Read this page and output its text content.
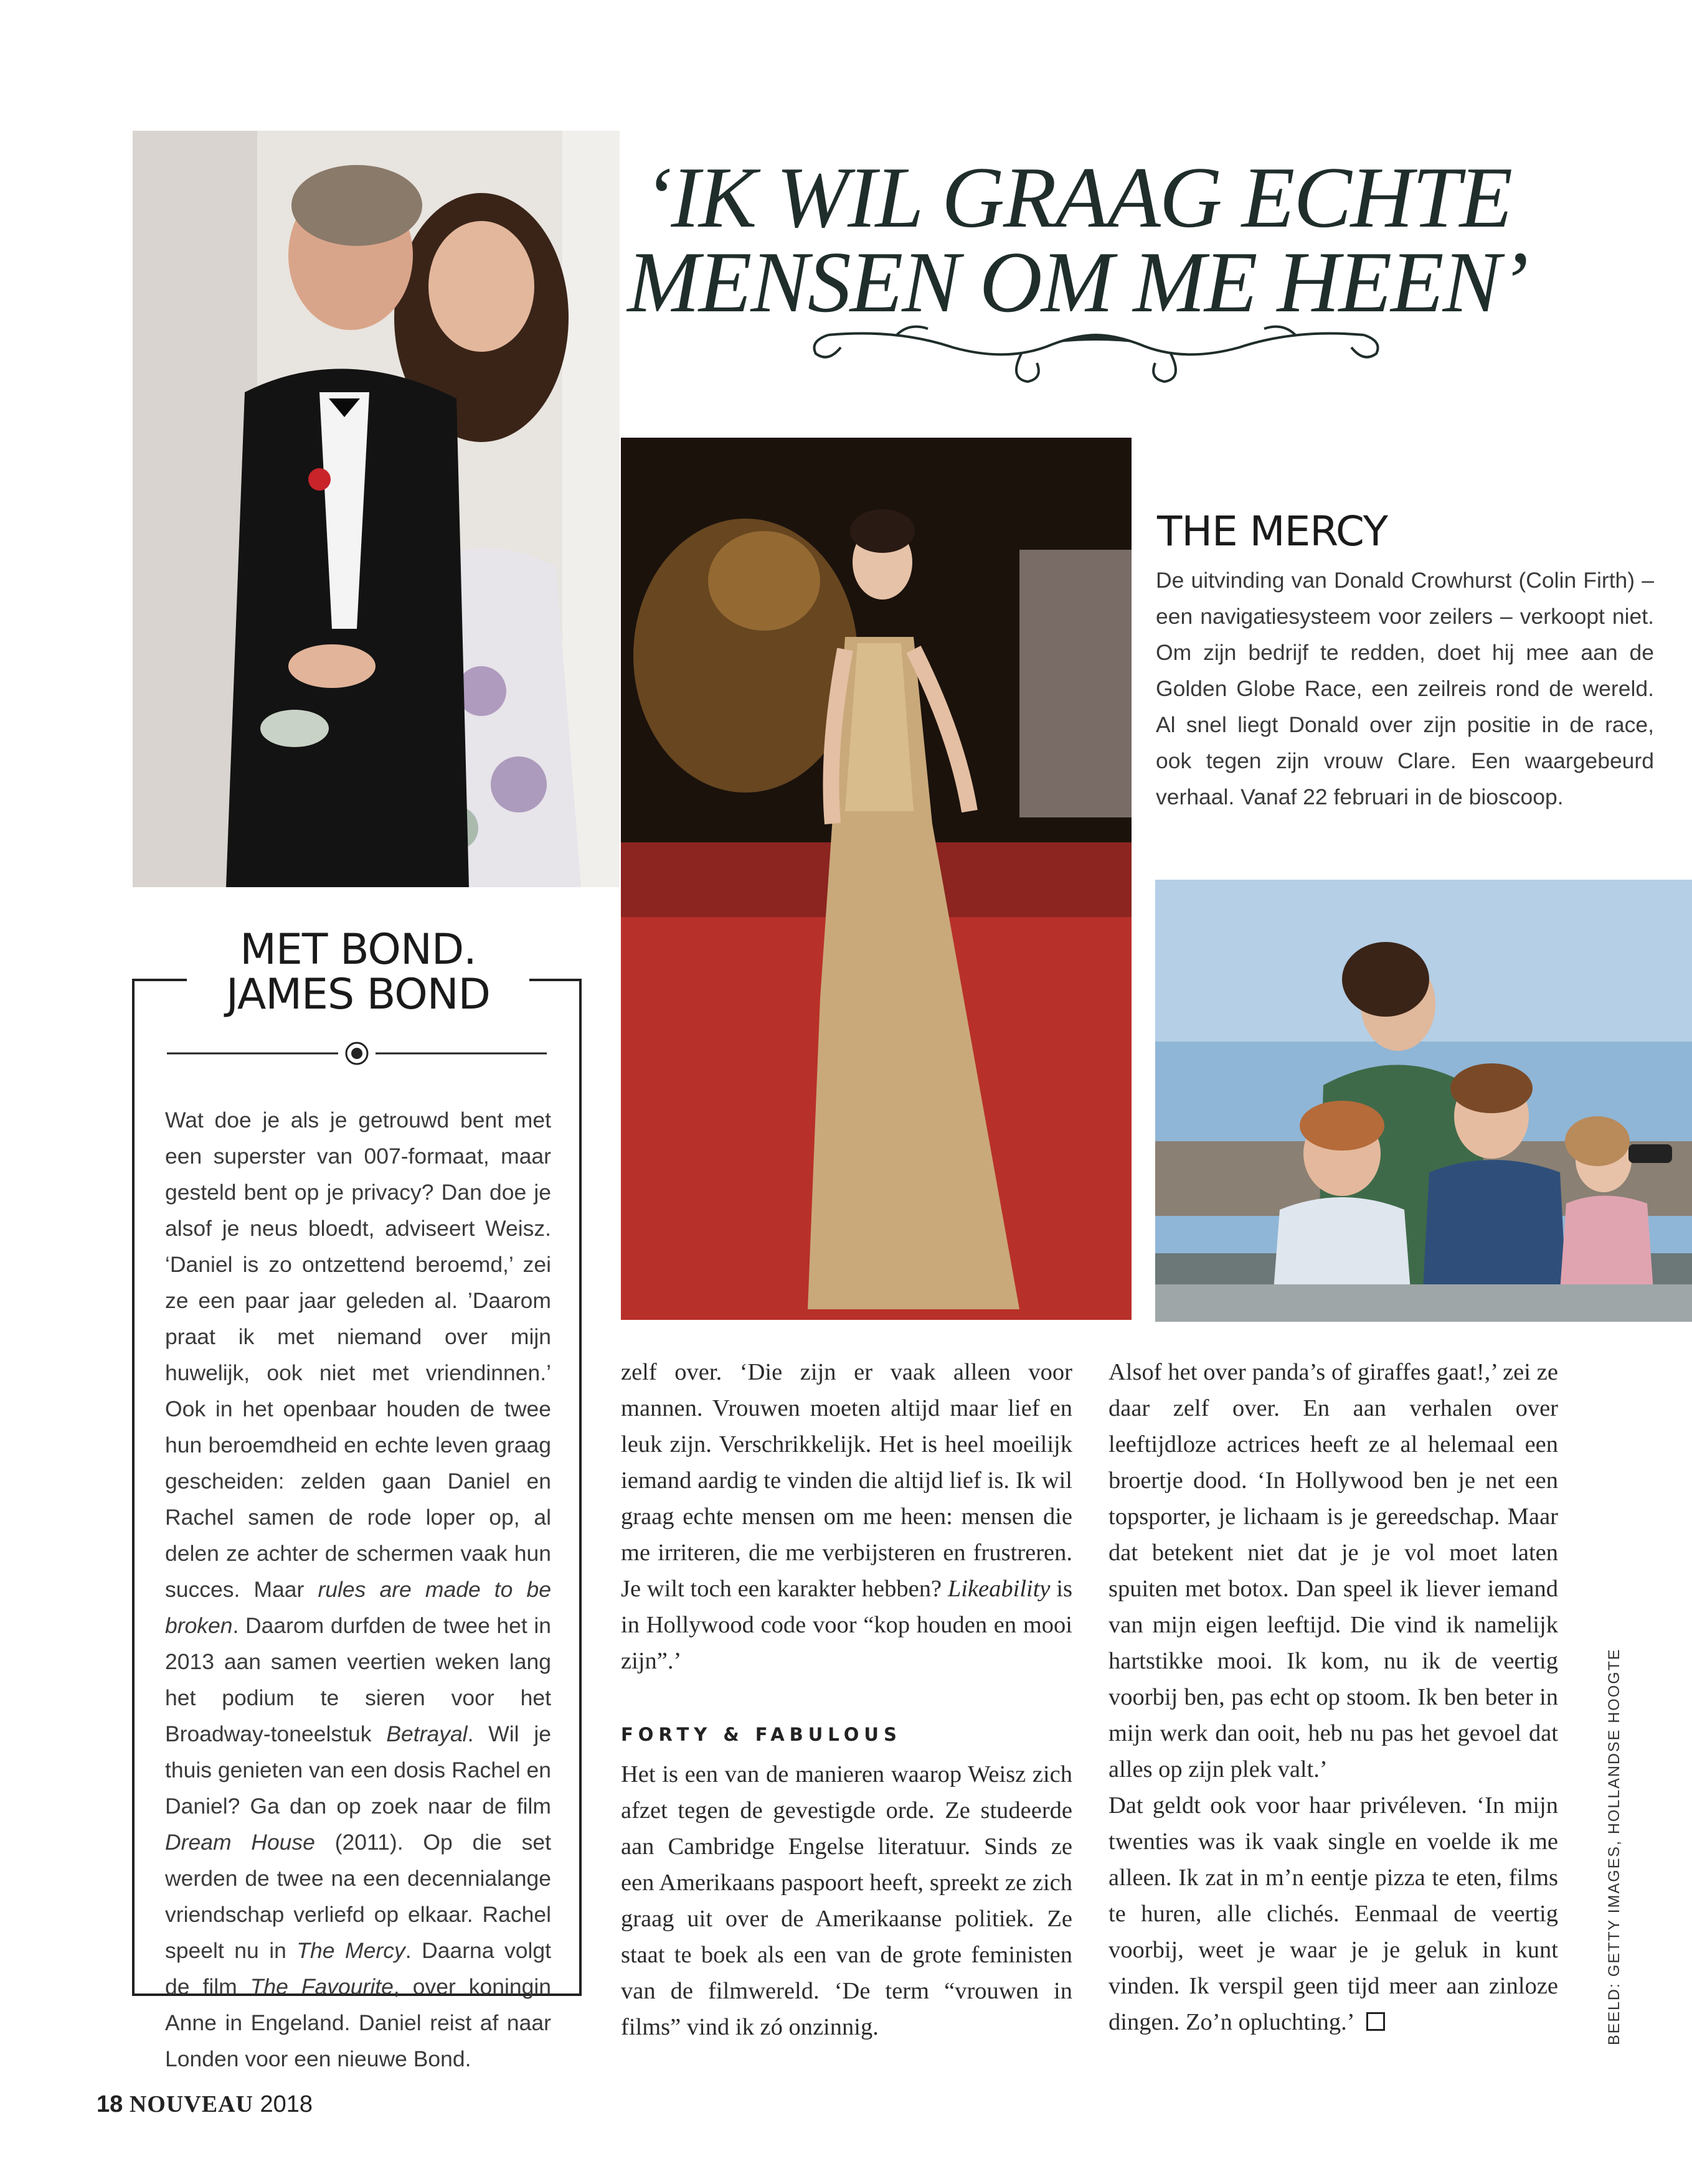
‘IK WIL GRAAG ECHTE
MENSEN OM ME HEEN’
THE MERCY
De uitvinding van Donald Crowhurst (Colin Firth) – een navigatiesysteem voor zeilers – verkoopt niet. Om zijn bedrijf te redden, doet hij mee aan de Golden Globe Race, een zeilreis rond de wereld. Al snel liegt Donald over zijn positie in de race, ook tegen zijn vrouw Clare. Een waargebeurd verhaal. Vanaf 22 februari in de bioscoop.
MET BOND.
JAMES BOND
Wat doe je als je getrouwd bent met een superster van 007-formaat, maar gesteld bent op je privacy? Dan doe je alsof je neus bloedt, adviseert Weisz. ‘Daniel is zo ontzettend beroemd,’ zei ze een paar jaar geleden al. ’Daarom praat ik met niemand over mijn huwelijk, ook niet met vriendinnen.’ Ook in het openbaar houden de twee hun beroemdheid en echte leven graag gescheiden: zelden gaan Daniel en Rachel samen de rode loper op, al delen ze achter de schermen vaak hun succes. Maar rules are made to be broken. Daarom durfden de twee het in 2013 aan samen veertien weken lang het podium te sieren voor het Broadway-toneelstuk Betrayal. Wil je thuis genieten van een dosis Rachel en Daniel? Ga dan op zoek naar de film Dream House (2011). Op die set werden de twee na een decennialange vriendschap verliefd op elkaar. Rachel speelt nu in The Mercy. Daarna volgt de film The Favourite, over koningin Anne in Engeland. Daniel reist af naar Londen voor een nieuwe Bond.

zelf over. ‘Die zijn er vaak alleen voor mannen. Vrouwen moeten altijd maar lief en leuk zijn. Verschrikkelijk. Het is heel moeilijk iemand aardig te vinden die altijd lief is. Ik wil graag echte mensen om me heen: mensen die me irriteren, die me verbijsteren en frustreren. Je wilt toch een karakter hebben? Likeability is in Hollywood code voor “kop houden en mooi zijn”.’

FORTY & FABULOUS

Het is een van de manieren waarop Weisz zich afzet tegen de gevestigde orde. Ze studeerde aan Cambridge Engelse literatuur. Sinds ze een Amerikaans paspoort heeft, spreekt ze zich graag uit over de Amerikaanse politiek. Ze staat te boek als een van de grote feministen van de filmwereld. ‘De term “vrouwen in films” vind ik zó onzinnig.

Alsof het over panda’s of giraffes gaat!,’ zei ze daar zelf over. En aan verhalen over leeftijdloze actrices heeft ze al helemaal een broertje dood. ‘In Hollywood ben je net een topsporter, je lichaam is je gereedschap. Maar dat betekent niet dat je je vol moet laten spuiten met botox. Dan speel ik liever iemand van mijn eigen leeftijd. Die vind ik namelijk hartstikke mooi. Ik kom, nu ik de veertig voorbij ben, pas echt op stoom. Ik ben beter in mijn werk dan ooit, heb nu pas het gevoel dat alles op zijn plek valt.’

Dat geldt ook voor haar privéleven. ‘In mijn twenties was ik vaak single en voelde ik me alleen. Ik zat in m’n eentje pizza te eten, films te huren, alle clichés. Eenmaal de veertig voorbij, weet je waar je je geluk in kunt vinden. Ik verspil geen tijd meer aan zinloze dingen. Zo’n opluchting.’	BEELD: GETTY IMAGES, HOLLANDSE HOOGTE
18 NOUVEAU 2018
